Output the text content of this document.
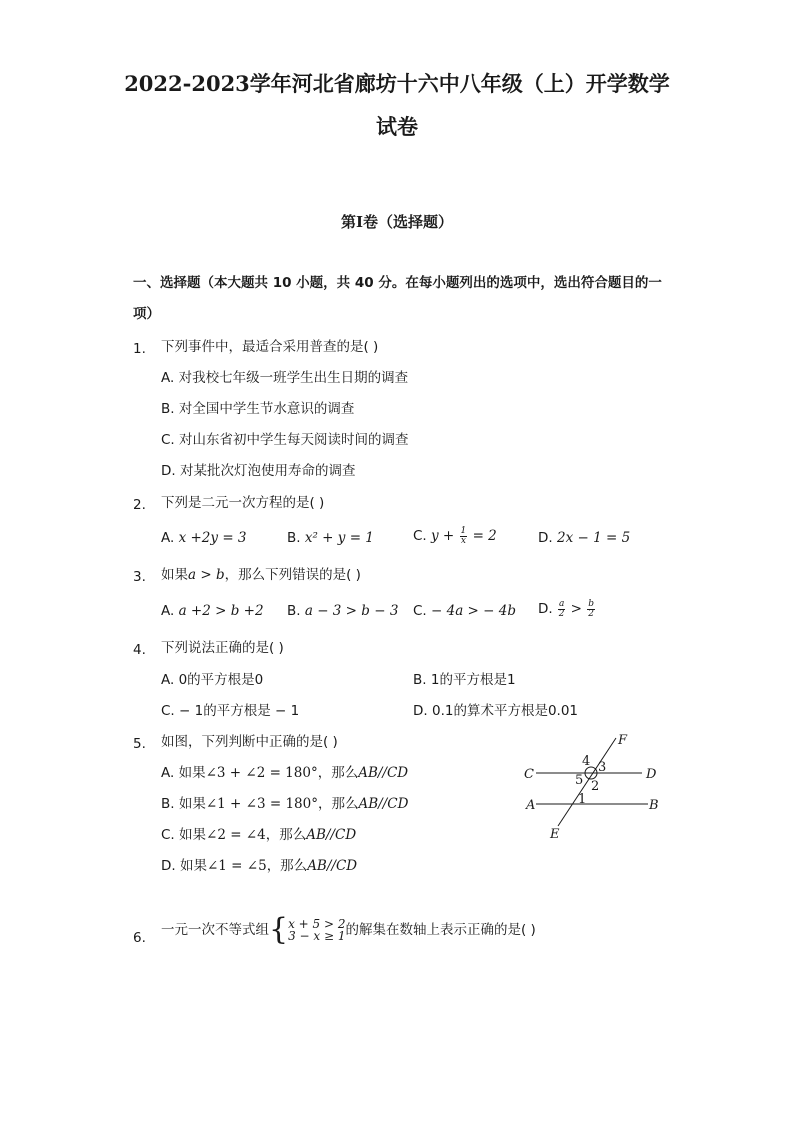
2022-2023学年河北省廊坊十六中八年级（上）开学数学
试卷
第I卷（选择题）
一、选择题（本大题共 10 小题，共 40 分。在每小题列出的选项中，选出符合题目的一
项）
1. 下列事件中，最适合采用普查的是( )
A. 对我校七年级一班学生出生日期的调查
B. 对全国中学生节水意识的调查
C. 对山东省初中学生每天阅读时间的调查
D. 对某批次灯泡使用寿命的调查
2. 下列是二元一次方程的是( )
A. x +2y = 3	B. x² + y = 1	C. $y + \frac{1}{x} = 2$	D. 2x − 1 = 5
3. 如果a > b，那么下列错误的是( )
A. a +2 > b +2 B. a − 3 > b − 3 C. − 4a > − 4b D. $\frac{a}{2} > \frac{b}{2}$
4. 下列说法正确的是( )
A. 0的平方根是0	B. 1的平方根是1
C. − 1的平方根是 − 1	D. 0.1的算术平方根是0.01
5. 如图，下列判断中正确的是( )
A. 如果∠3 + ∠2 = 180°，那么AB//CD
B. 如果∠1 + ∠3 = 180°，那么AB//CD
C. 如果∠2 = ∠4，那么AB//CD
D. 如果∠1 = ∠5，那么AB//CD
F
C	D
A	B
E
4 3
5 2
1
6. 一元一次不等式组{ x + 5 > 2
3 − x ≥ 1 的解集在数轴上表示正确的是( )
